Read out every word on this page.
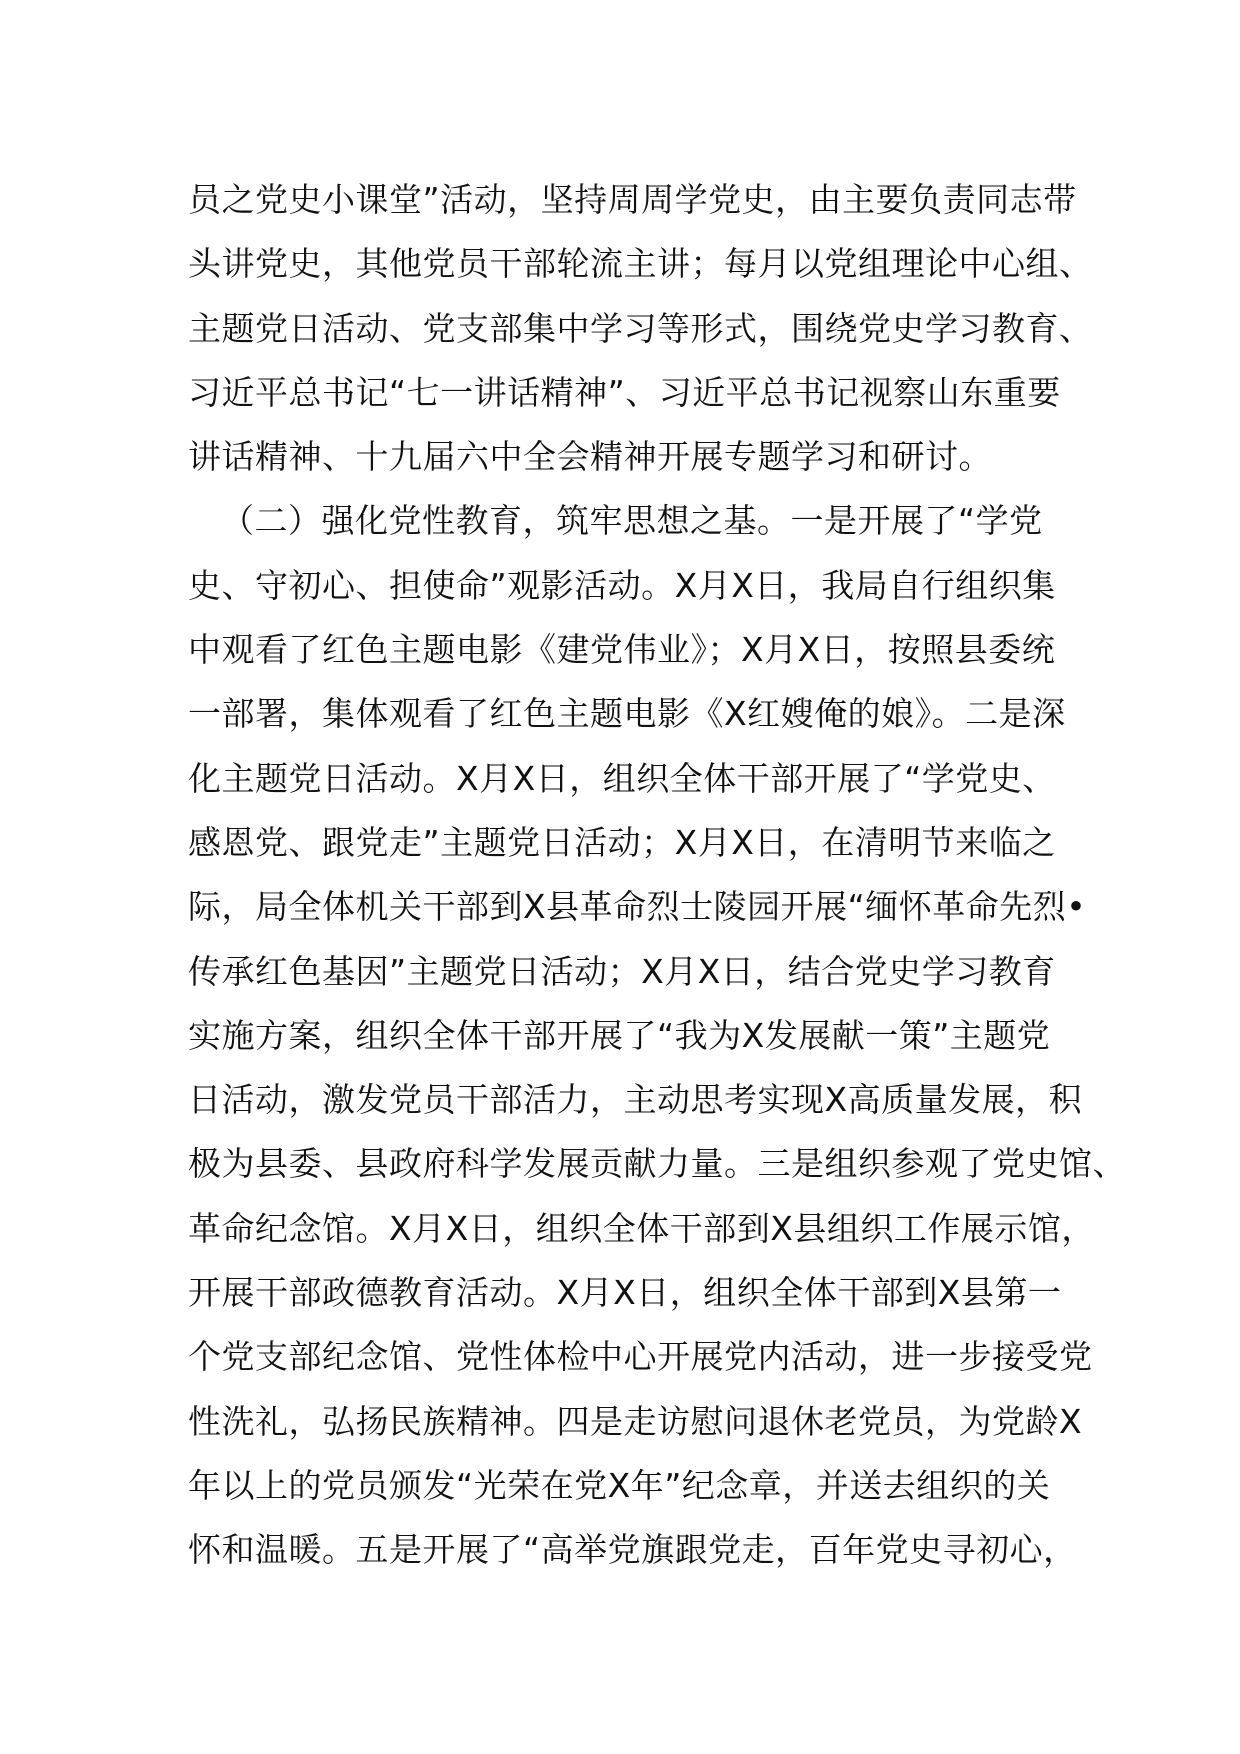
员之党史小课堂”活动，坚持周周学党史，由主要负责同志带
头讲党史，其他党员干部轮流主讲；每月以党组理论中心组、
主题党日活动、党支部集中学习等形式，围绕党史学习教育、
习近平总书记“七一讲话精神”、习近平总书记视察山东重要
讲话精神、十九届六中全会精神开展专题学习和研讨。
（二）强化党性教育，筑牢思想之基。一是开展了“学党
史、守初心、担使命”观影活动。X月X日，我局自行组织集
中观看了红色主题电影《建党伟业》；X月X日，按照县委统
一部署，集体观看了红色主题电影《X红嫂俺的娘》。二是深
化主题党日活动。X月X日，组织全体干部开展了“学党史、
感恩党、跟党走”主题党日活动；X月X日，在清明节来临之
际，局全体机关干部到X县革命烈士陵园开展“缅怀革命先烈•
传承红色基因”主题党日活动；X月X日，结合党史学习教育
实施方案，组织全体干部开展了“我为X发展献一策”主题党
日活动，激发党员干部活力，主动思考实现X高质量发展，积
极为县委、县政府科学发展贡献力量。三是组织参观了党史馆、
革命纪念馆。X月X日，组织全体干部到X县组织工作展示馆，
开展干部政德教育活动。X月X日，组织全体干部到X县第一
个党支部纪念馆、党性体检中心开展党内活动，进一步接受党
性洗礼，弘扬民族精神。四是走访慰问退休老党员，为党龄X
年以上的党员颁发“光荣在党X年”纪念章，并送去组织的关
怀和温暖。五是开展了“高举党旗跟党走，百年党史寻初心，
